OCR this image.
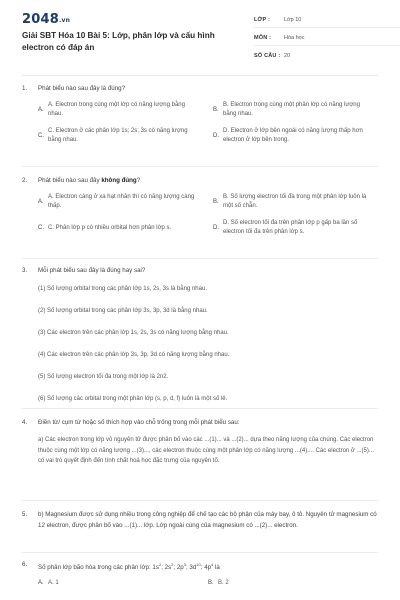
2048.vn
Giải SBT Hóa 10 Bài 5: Lớp, phân lớp và cấu hình electron có đáp án
LỚP :	Lớp 10
MÔN :	Hóa học
SỐ CÂU : 20
1.	Phát biểu nào sau đây là đúng?
A.
A. Electron trong cùng một lớp có năng lượng bằng nhau.
B.
B. Electron trong cùng một phân lớp có năng lượng bằng nhau.
C.
C. Electron ở các phân lớp 1s; 2s; 3s có năng lượng bằng nhau.
D.
D. Electron ở lớp bên ngoài có năng lượng thấp hơn electron ở lớp bên trong.
2.	Phát biểu nào sau đây không đúng?
A.
A. Electron càng ở xa hạt nhân thì có năng lượng càng thấp.
B.
B. Số lượng electron tối đa trong một phân lớp luôn là một số chẵn.
C. C. Phân lớp p có nhiều orbital hơn phân lớp s.	D.
D. Số electron tối đa trên phân lớp p gấp ba lần số electron tối đa trên phân lớp s.
3.	Mỗi phát biểu sau đây là đúng hay sai?
(1) Số lượng orbital trong các phân lớp 1s, 2s, 3s là bằng nhau.
(2) Số lượng orbital trong các phân lớp 3s, 3p, 3d là bằng nhau.
(3) Các electron trên các phân lớp 1s, 2s, 3s có năng lượng bằng nhau.
(4) Các electron trên các phân lớp 3s, 3p, 3d có năng lượng bằng nhau.
(5) Số lượng electron tối đa trong một lớp là 2n2.
(6) Số lượng các orbital trong một phân lớp (s, p, d, f) luôn là một số lẻ.
4.	Điền từ/ cụm từ hoặc số thích hợp vào chỗ trống trong mỗi phát biểu sau:
a) Các electron trong lớp vỏ nguyên tử được phân bố vào các ...(1)... và ...(2)... dựa theo năng lượng của chúng. Các electron thuộc cùng một lớp có năng lượng ...(3)..., các electron thuộc cùng một phân lớp có năng lượng ...(4).... Các electron ở ...(5)... có vai trò quyết định đến tính chất hoá học đặc trưng của nguyên tố.
5.	b) Magnesium được sử dụng nhiều trong công nghiệp để chế tạo các bộ phận của máy bay, ô tô. Nguyên tử magnesium có 12 electron, được phân bố vào ...(1)... lớp. Lớp ngoài cùng của magnesium có ...(2)... electron.
6.	Số phân lớp bão hòa trong các phân lớp: $1s^2$; $2s^2$; $2p^3$; $3d^{10}$; $4p^4$ là
A. A. 1	B. B. 2
